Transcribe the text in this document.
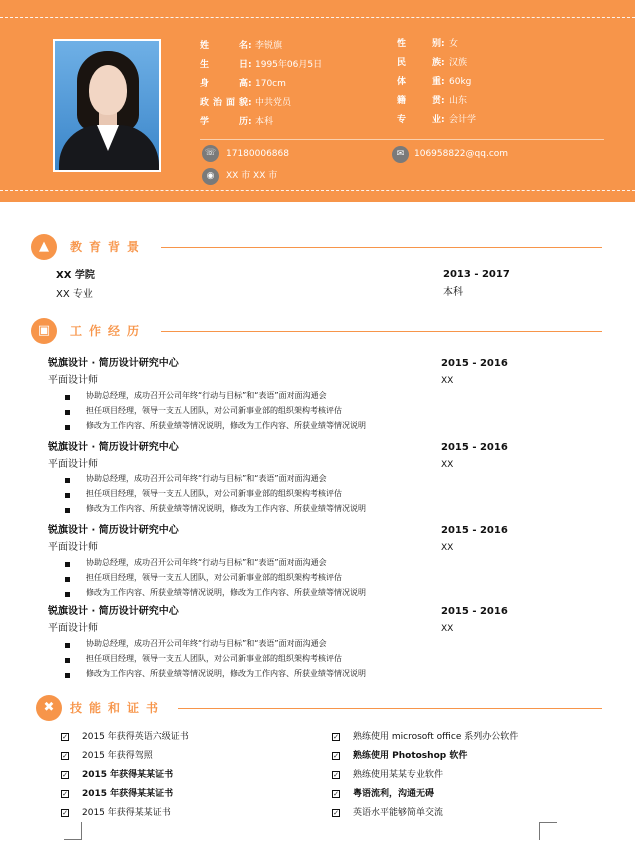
姓名 : 李锐旗
生日 : 1995年06月5日
身高 : 170cm
政治面貌 : 中共党员
学历 : 本科
性别 : 女
民族 : 汉族
体重 : 60kg
籍贯 : 山东
专业 : 会计学
☏	17180006868	✉	106958822@qq.com
◉	XX 市 XX 市
▲	教育背景
XX 学院	2013 - 2017
XX 专业	本科
▣	工作经历
锐旗设计 · 简历设计研究中心	2015 - 2016
平面设计师	XX
协助总经理，成功召开公司年终“行动与目标”和“表语”面对面沟通会
担任项目经理，领导一支五人团队，对公司新事业部的组织架构考核评估
修改为工作内容、所获业绩等情况说明，修改为工作内容、所获业绩等情况说明
锐旗设计 · 简历设计研究中心	2015 - 2016
平面设计师	XX
协助总经理，成功召开公司年终“行动与目标”和“表语”面对面沟通会
担任项目经理，领导一支五人团队，对公司新事业部的组织架构考核评估
修改为工作内容、所获业绩等情况说明，修改为工作内容、所获业绩等情况说明
锐旗设计 · 简历设计研究中心	2015 - 2016
平面设计师	XX
协助总经理，成功召开公司年终“行动与目标”和“表语”面对面沟通会
担任项目经理，领导一支五人团队，对公司新事业部的组织架构考核评估
修改为工作内容、所获业绩等情况说明，修改为工作内容、所获业绩等情况说明
锐旗设计 · 简历设计研究中心	2015 - 2016
平面设计师	XX
协助总经理，成功召开公司年终“行动与目标”和“表语”面对面沟通会
担任项目经理，领导一支五人团队，对公司新事业部的组织架构考核评估
修改为工作内容、所获业绩等情况说明，修改为工作内容、所获业绩等情况说明
✖	技能和证书
✓ 2015 年获得英语六级证书
✓ 2015 年获得驾照
✓ 2015 年获得某某证书
✓ 2015 年获得某某证书
✓ 2015 年获得某某证书
✓ 熟练使用 microsoft office 系列办公软件
✓ 熟练使用 Photoshop 软件
✓ 熟练使用某某专业软件
✓ 粤语流利，沟通无碍
✓ 英语水平能够简单交流
